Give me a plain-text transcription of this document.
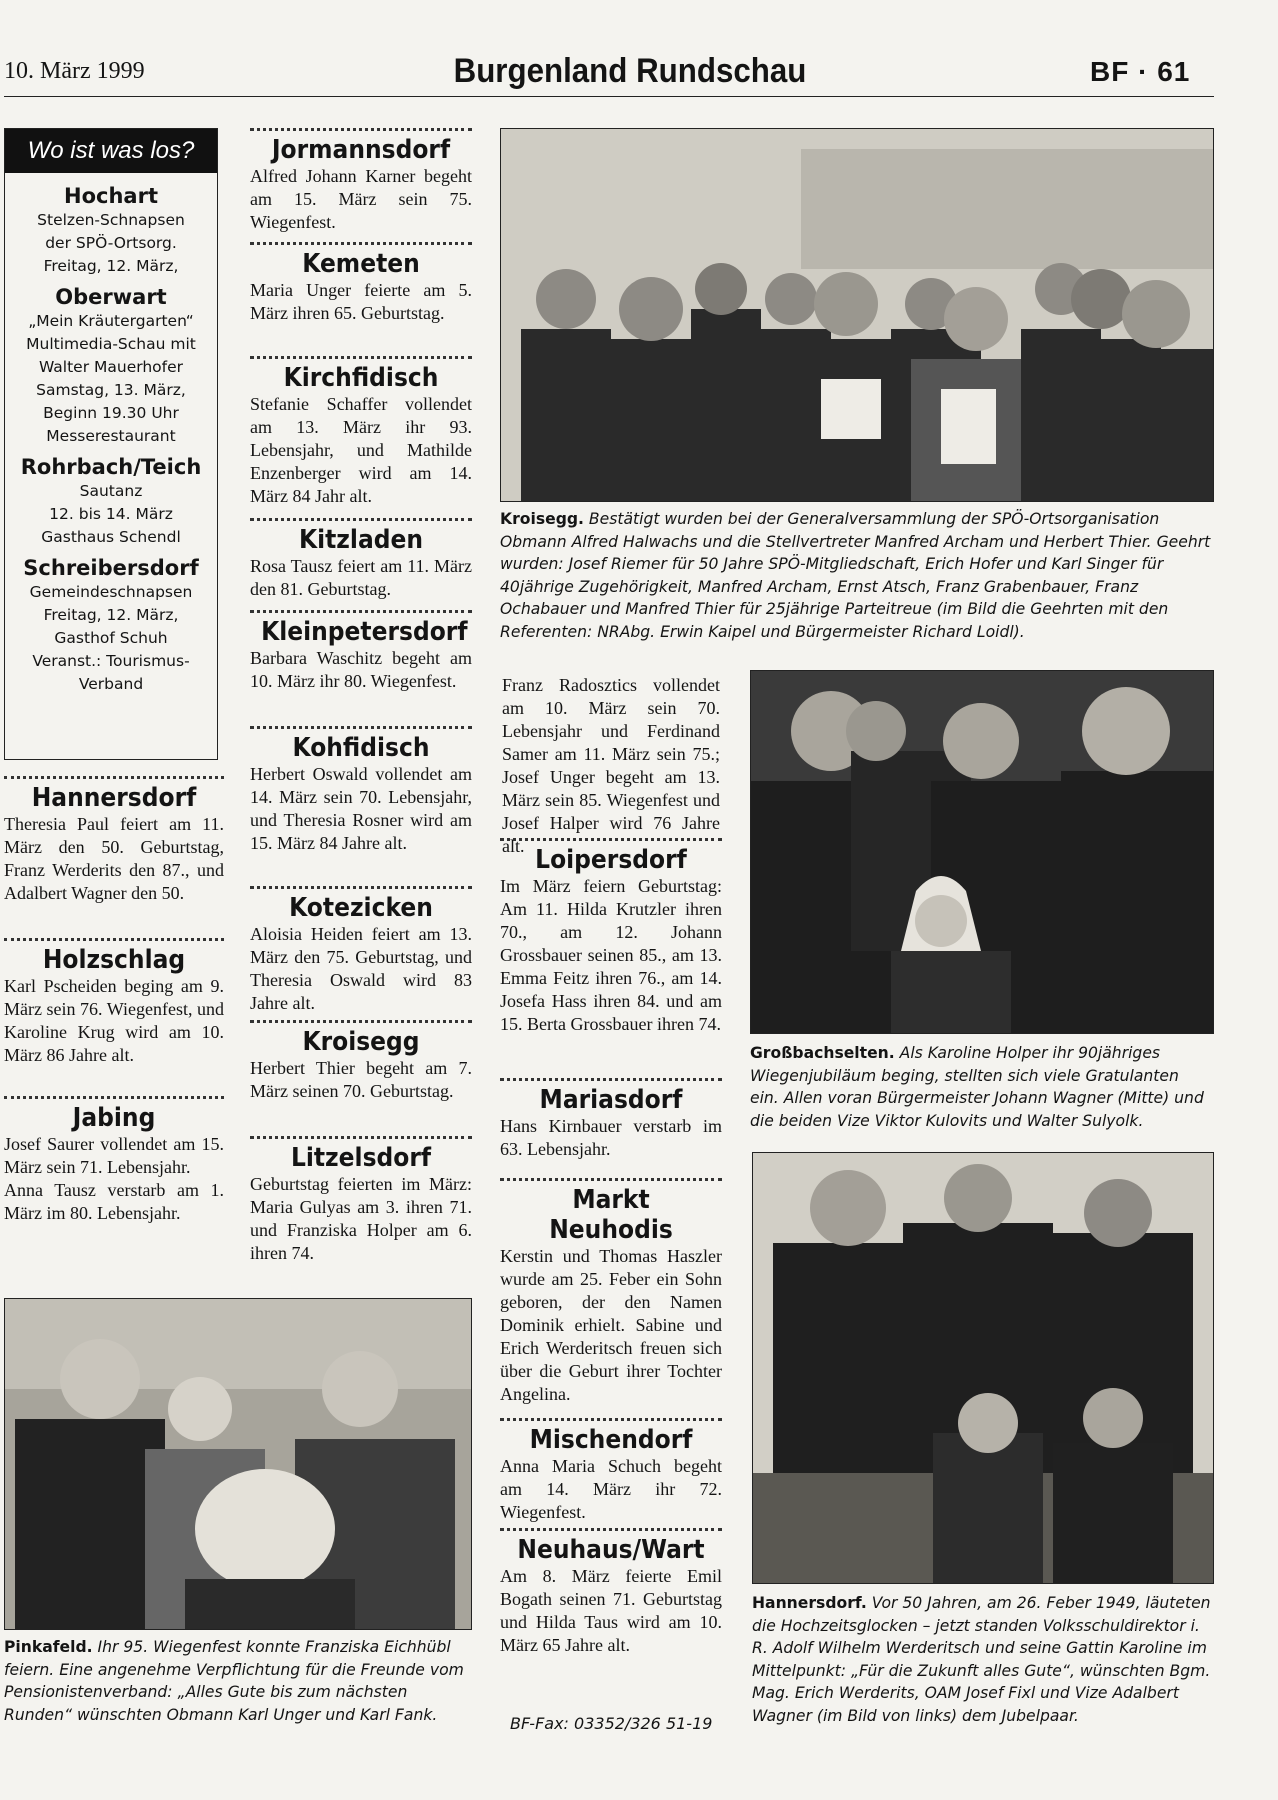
10. März 1999	Burgenland Rundschau	BF · 61
Wo ist was los?
Hochart
Stelzen-Schnapsen
der SPÖ-Ortsorg.
Freitag, 12. März,
Oberwart
„Mein Kräutergarten“
Multimedia-Schau mit
Walter Mauerhofer
Samstag, 13. März,
Beginn 19.30 Uhr
Messerestaurant
Rohrbach/Teich
Sautanz
12. bis 14. März
Gasthaus Schendl
Schreibersdorf
Gemeindeschnapsen
Freitag, 12. März,
Gasthof Schuh
Veranst.: Tourismus-
Verband
Hannersdorf

Theresia Paul feiert am 11. März den 50. Geburtstag, Franz Werderits den 87., und Adalbert Wagner den 50.

Holzschlag

Karl Pscheiden beging am 9. März sein 76. Wiegenfest, und Karoline Krug wird am 10. März 86 Jahre alt.

Jabing

Josef Saurer vollendet am 15. März sein 71. Lebensjahr.

Anna Tausz verstarb am 1. März im 80. Lebensjahr.

Jormannsdorf

Alfred Johann Karner begeht am 15. März sein 75. Wiegenfest.

Kemeten

Maria Unger feierte am 5. März ihren 65. Geburtstag.

Kirchfidisch

Stefanie Schaffer vollendet am 13. März ihr 93. Lebensjahr, und Mathilde Enzenberger wird am 14. März 84 Jahr alt.

Kitzladen

Rosa Tausz feiert am 11. März den 81. Geburtstag.

Kleinpetersdorf

Barbara Waschitz begeht am 10. März ihr 80. Wiegenfest.

Kohfidisch

Herbert Oswald vollendet am 14. März sein 70. Lebensjahr, und Theresia Rosner wird am 15. März 84 Jahre alt.

Kotezicken

Aloisia Heiden feiert am 13. März den 75. Geburtstag, und Theresia Oswald wird 83 Jahre alt.

Kroisegg

Herbert Thier begeht am 7. März seinen 70. Geburtstag.

Litzelsdorf

Geburtstag feierten im März: Maria Gulyas am 3. ihren 71. und Franziska Holper am 6. ihren 74.

Kroisegg. Bestätigt wurden bei der Generalversammlung der SPÖ-Ortsorganisation Obmann Alfred Halwachs und die Stellvertreter Manfred Archam und Herbert Thier. Geehrt wurden: Josef Riemer für 50 Jahre SPÖ-Mitgliedschaft, Erich Hofer und Karl Singer für 40jährige Zugehörigkeit, Manfred Archam, Ernst Atsch, Franz Grabenbauer, Franz Ochabauer und Manfred Thier für 25jährige Parteitreue (im Bild die Geehrten mit den Referenten: NRAbg. Erwin Kaipel und Bürgermeister Richard Loidl).
Franz Radosztics vollendet am 10. März sein 70. Lebensjahr und Ferdinand Samer am 11. März sein 75.; Josef Unger begeht am 13. März sein 85. Wiegenfest und Josef Halper wird 76 Jahre alt. Loipersdorf

Im März feiern Geburtstag: Am 11. Hilda Krutzler ihren 70., am 12. Johann Grossbauer seinen 85., am 13. Emma Feitz ihren 76., am 14. Josefa Hass ihren 84. und am 15. Berta Grossbauer ihren 74.

Mariasdorf

Hans Kirnbauer verstarb im 63. Lebensjahr.

Markt Neuhodis

Kerstin und Thomas Haszler wurde am 25. Feber ein Sohn geboren, der den Namen Dominik erhielt. Sabine und Erich Werderitsch freuen sich über die Geburt ihrer Tochter Angelina.

Mischendorf

Anna Maria Schuch begeht am 14. März ihr 72. Wiegenfest.

Neuhaus/Wart

Am 8. März feierte Emil Bogath seinen 71. Geburtstag und Hilda Taus wird am 10. März 65 Jahre alt.

BF-Fax: 03352/326 51-19
Großbachselten. Als Karoline Holper ihr 90jähriges Wiegenjubiläum beging, stellten sich viele Gratulanten ein. Allen voran Bürgermeister Johann Wagner (Mitte) und die beiden Vize Viktor Kulovits und Walter Sulyolk.
Hannersdorf. Vor 50 Jahren, am 26. Feber 1949, läuteten die Hochzeitsglocken – jetzt standen Volksschuldirektor i. R. Adolf Wilhelm Werderitsch und seine Gattin Karoline im Mittelpunkt: „Für die Zukunft alles Gute“, wünschten Bgm. Mag. Erich Werderits, OAM Josef Fixl und Vize Adalbert Wagner (im Bild von links) dem Jubelpaar.
Pinkafeld. Ihr 95. Wiegenfest konnte Franziska Eichhübl feiern. Eine angenehme Verpflichtung für die Freunde vom Pensionistenverband: „Alles Gute bis zum nächsten Runden“ wünschten Obmann Karl Unger und Karl Fank.
